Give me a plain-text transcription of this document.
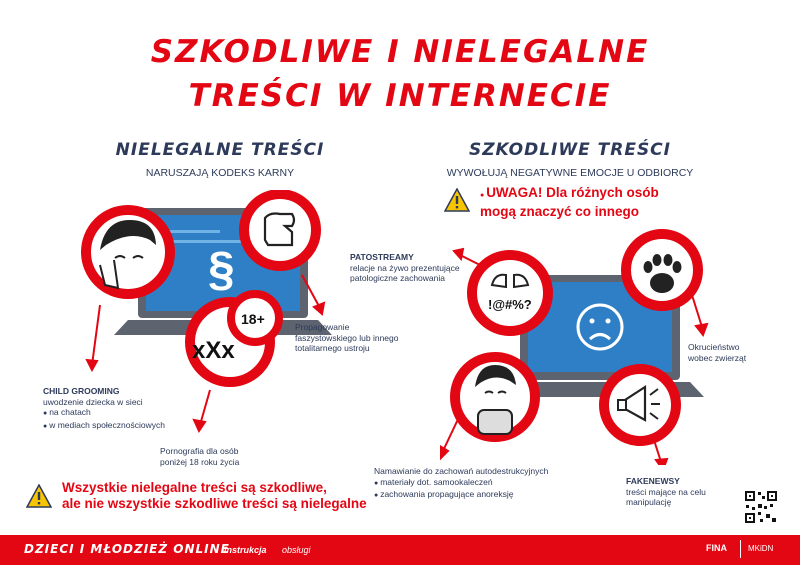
SZKODLIWE I NIELEGALNE
TREŚCI W INTERNECIE
NIELEGALNE TREŚCI
NARUSZAJĄ KODEKS KARNY
SZKODLIWE TREŚCI
WYWOŁUJĄ NEGATYWNE EMOCJE U ODBIORCY
● UWAGA! Dla różnych osób
mogą znaczyć co innego
§
18+
xXx
CHILD GROOMING
uwodzenie dziecka w sieci
● na chatach
● w mediach społecznościowych
Propagowanie
faszystowskiego lub innego
totalitarnego ustroju
Pornografia dla osób
poniżej 18 roku życia
Wszystkie nielegalne treści są szkodliwe,
ale nie wszystkie szkodliwe treści są nielegalne
!@#%?
PATOSTREAMY
relacje na żywo prezentujące
patologiczne zachowania
Okrucieństwo
wobec zwierząt
Namawianie do zachowań autodestrukcyjnych
● materiały dot. samookaleczeń
● zachowania propagujące anoreksję
FAKENEWSY
treści mające na celu
manipulację
DZIECI I MŁODZIEŻ ONLINE
instrukcja obsługi	FINA	MKiDN
